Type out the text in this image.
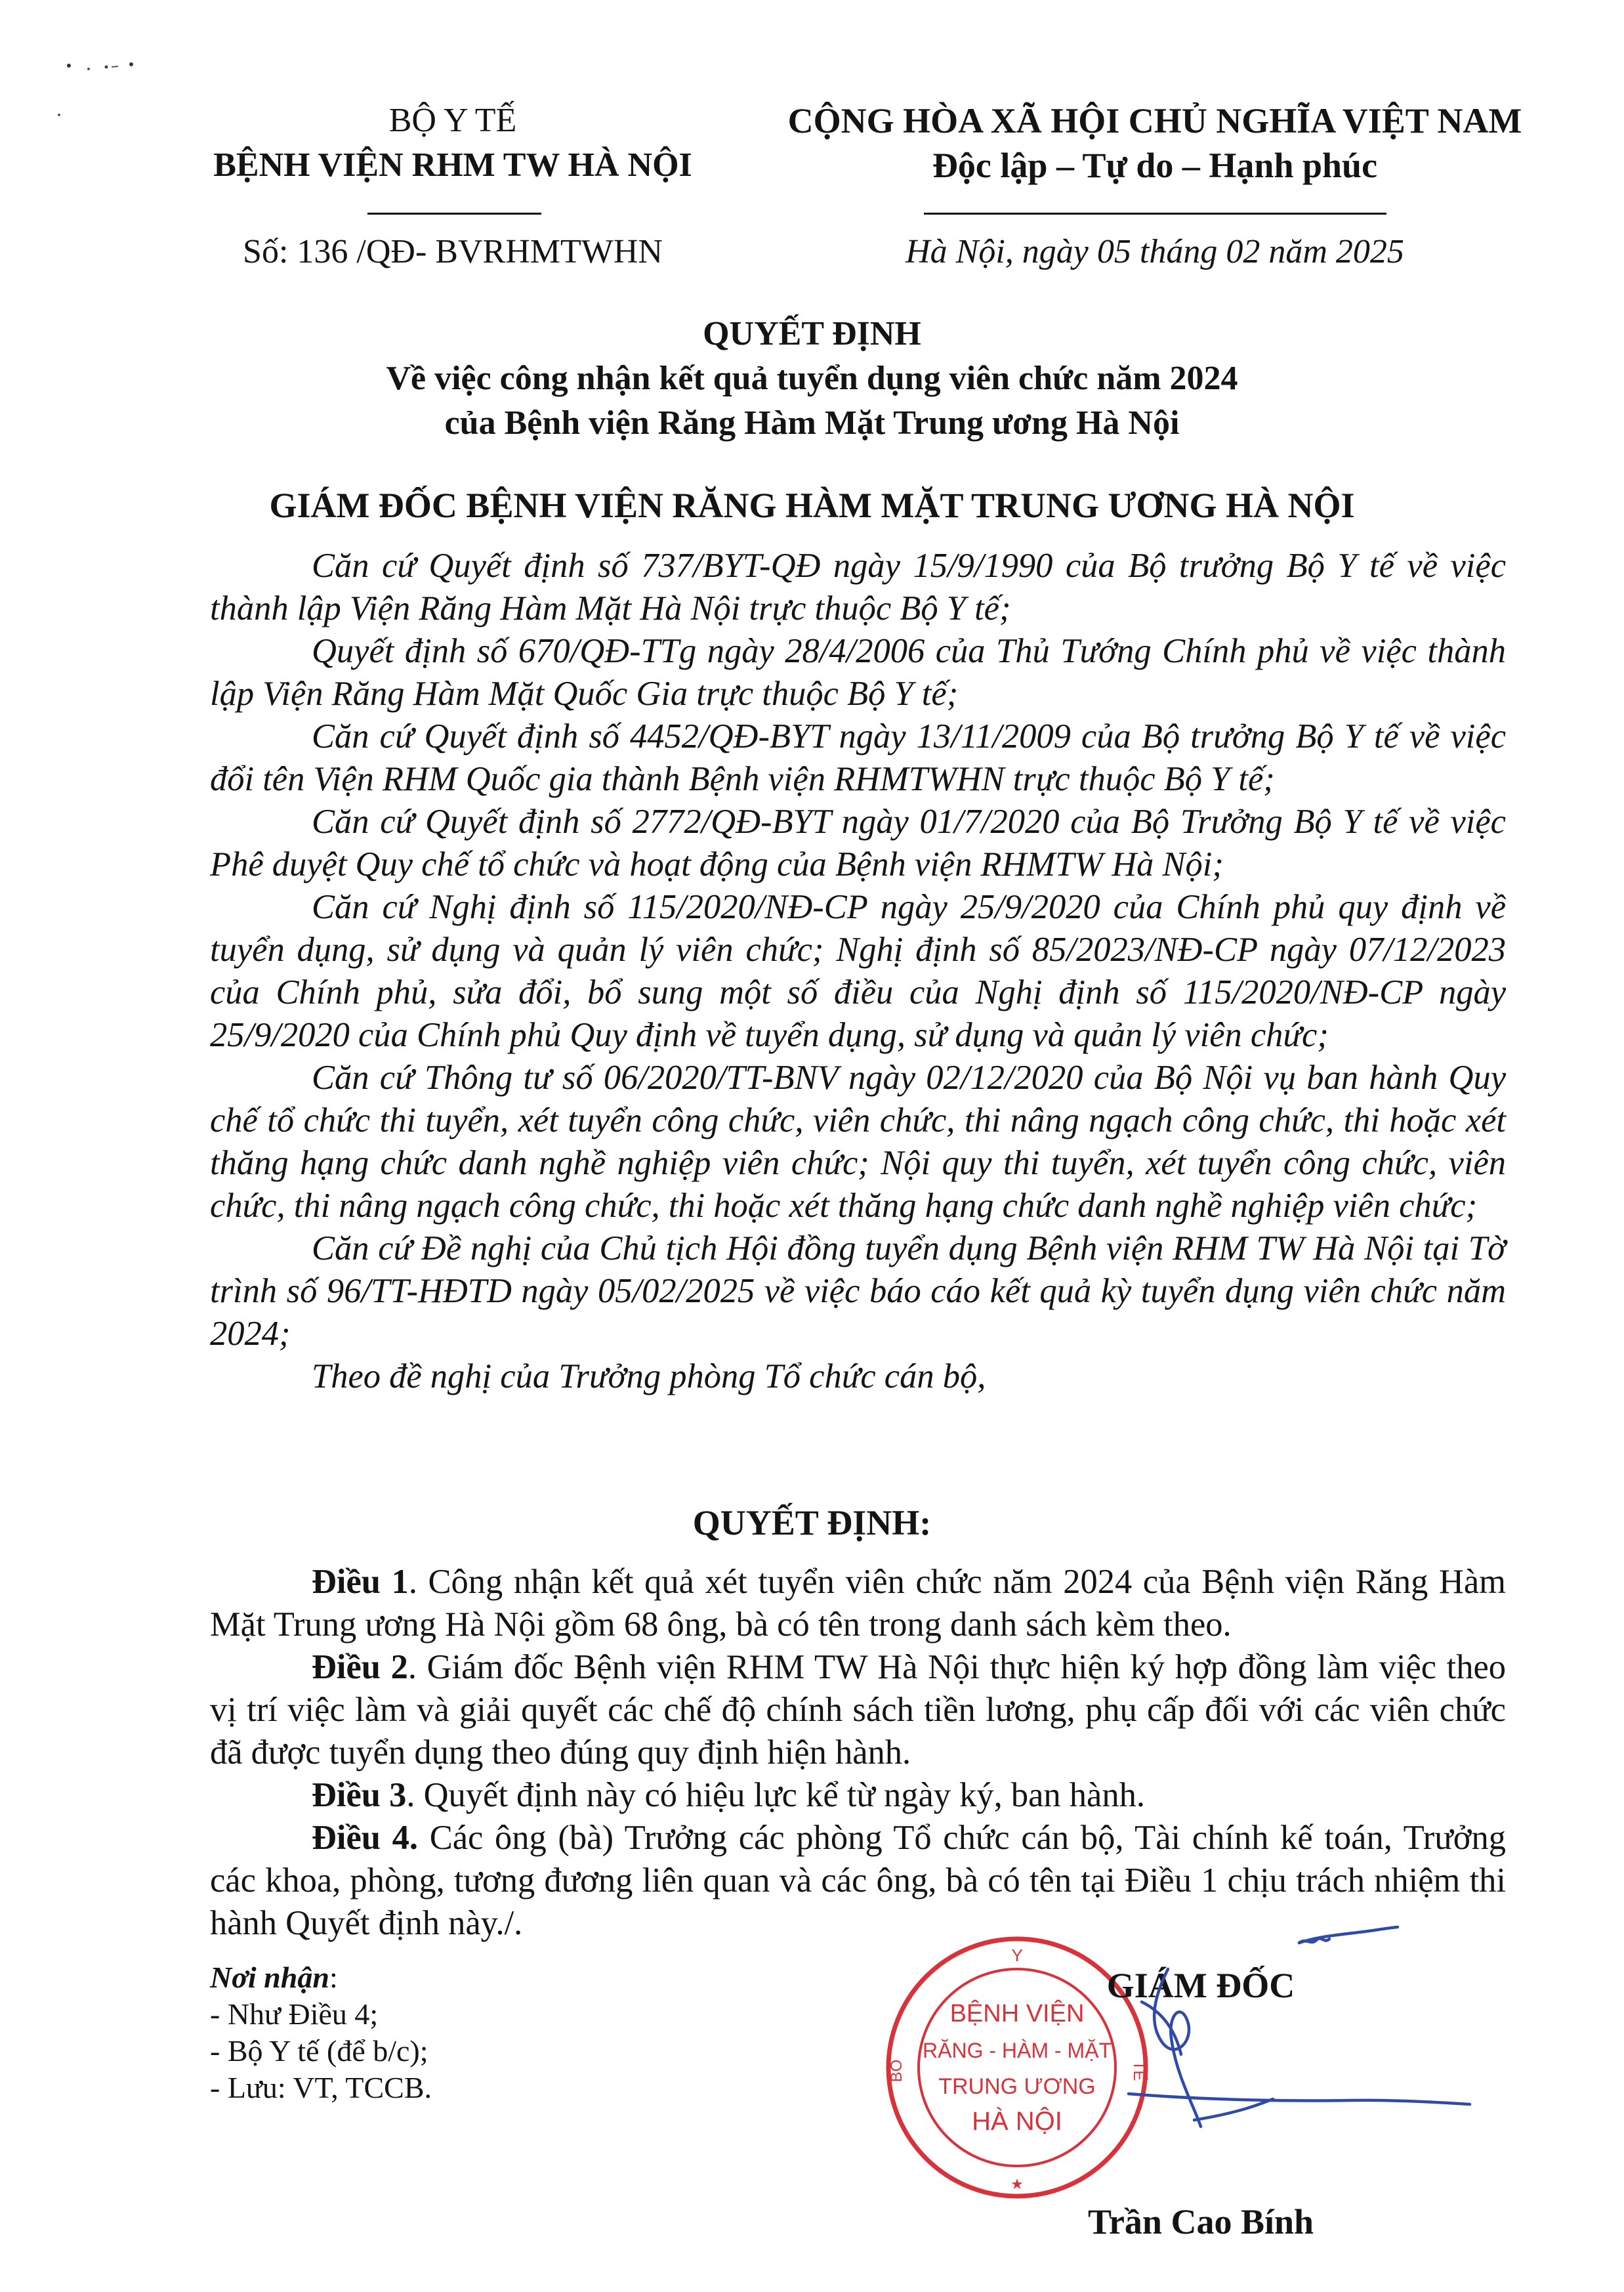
BỘ Y TẾ
BỆNH VIỆN RHM TW HÀ NỘI
CỘNG HÒA XÃ HỘI CHỦ NGHĨA VIỆT NAM
Độc lập – Tự do – Hạnh phúc
Số: 136 /QĐ- BVRHMTWHN	Hà Nội, ngày 05 tháng 02 năm 2025
QUYẾT ĐỊNH
Về việc công nhận kết quả tuyển dụng viên chức năm 2024
của Bệnh viện Răng Hàm Mặt Trung ương Hà Nội
GIÁM ĐỐC BỆNH VIỆN RĂNG HÀM MẶT TRUNG ƯƠNG HÀ NỘI

Căn cứ Quyết định số 737/BYT-QĐ ngày 15/9/1990 của Bộ trưởng Bộ Y tế về việc thành lập Viện Răng Hàm Mặt Hà Nội trực thuộc Bộ Y tế;

Quyết định số 670/QĐ-TTg ngày 28/4/2006 của Thủ Tướng Chính phủ về việc thành lập Viện Răng Hàm Mặt Quốc Gia trực thuộc Bộ Y tế;

Căn cứ Quyết định số 4452/QĐ-BYT ngày 13/11/2009 của Bộ trưởng Bộ Y tế về việc đổi tên Viện RHM Quốc gia thành Bệnh viện RHMTWHN trực thuộc Bộ Y tế;

Căn cứ Quyết định số 2772/QĐ-BYT ngày 01/7/2020 của Bộ Trưởng Bộ Y tế về việc Phê duyệt Quy chế tổ chức và hoạt động của Bệnh viện RHMTW Hà Nội;

Căn cứ Nghị định số 115/2020/NĐ-CP ngày 25/9/2020 của Chính phủ quy định về tuyển dụng, sử dụng và quản lý viên chức; Nghị định số 85/2023/NĐ-CP ngày 07/12/2023 của Chính phủ, sửa đổi, bổ sung một số điều của Nghị định số 115/2020/NĐ-CP ngày 25/9/2020 của Chính phủ Quy định về tuyển dụng, sử dụng và quản lý viên chức;

Căn cứ Thông tư số 06/2020/TT-BNV ngày 02/12/2020 của Bộ Nội vụ ban hành Quy chế tổ chức thi tuyển, xét tuyển công chức, viên chức, thi nâng ngạch công chức, thi hoặc xét thăng hạng chức danh nghề nghiệp viên chức; Nội quy thi tuyển, xét tuyển công chức, viên chức, thi nâng ngạch công chức, thi hoặc xét thăng hạng chức danh nghề nghiệp viên chức;

Căn cứ Đề nghị của Chủ tịch Hội đồng tuyển dụng Bệnh viện RHM TW Hà Nội tại Tờ trình số 96/TT-HĐTD ngày 05/02/2025 về việc báo cáo kết quả kỳ tuyển dụng viên chức năm 2024;

Theo đề nghị của Trưởng phòng Tổ chức cán bộ,

QUYẾT ĐỊNH:

Điều 1. Công nhận kết quả xét tuyển viên chức năm 2024 của Bệnh viện Răng Hàm Mặt Trung ương Hà Nội gồm 68 ông, bà có tên trong danh sách kèm theo.

Điều 2. Giám đốc Bệnh viện RHM TW Hà Nội thực hiện ký hợp đồng làm việc theo vị trí việc làm và giải quyết các chế độ chính sách tiền lương, phụ cấp đối với các viên chức đã được tuyển dụng theo đúng quy định hiện hành.

Điều 3. Quyết định này có hiệu lực kể từ ngày ký, ban hành.

Điều 4. Các ông (bà) Trưởng các phòng Tổ chức cán bộ, Tài chính kế toán, Trưởng các khoa, phòng, tương đương liên quan và các ông, bà có tên tại Điều 1 chịu trách nhiệm thi hành Quyết định này./.

Nơi nhận:
- Như Điều 4;
- Bộ Y tế (để b/c);
- Lưu: VT, TCCB.
Y
BÔ	TẾ
BỆNH VIỆN
RĂNG - HÀM - MẶT
TRUNG ƯƠNG
HÀ NỘI
★
GIÁM ĐỐC
Trần Cao Bính
